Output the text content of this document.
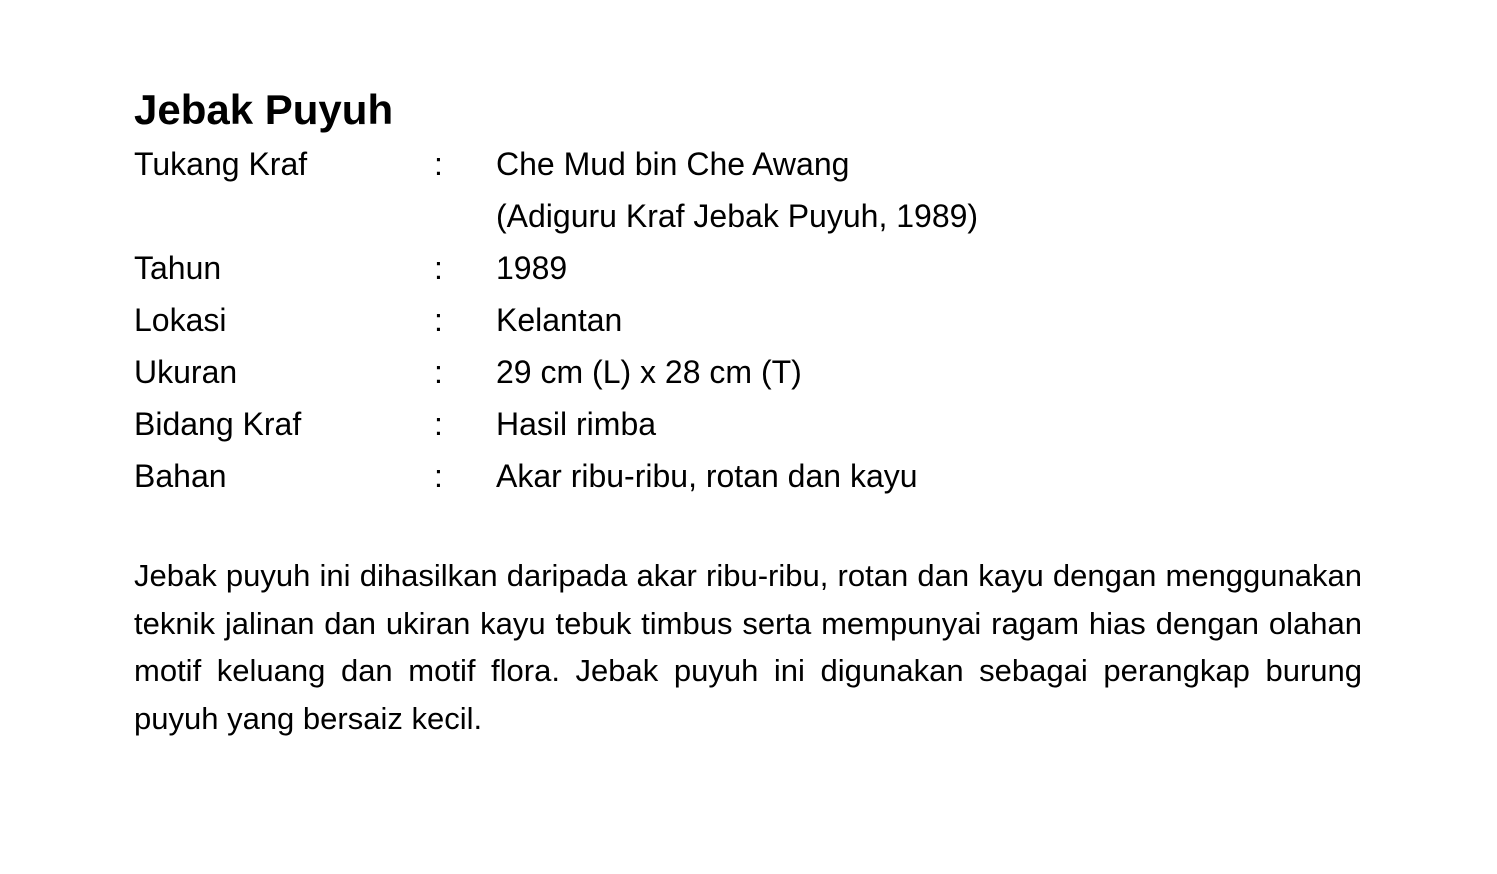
Jebak Puyuh
Tukang Kraf	:	Che Mud bin Che Awang
(Adiguru Kraf Jebak Puyuh, 1989)
Tahun	:	1989
Lokasi	:	Kelantan
Ukuran	:	29 cm (L) x 28 cm (T)
Bidang Kraf	:	Hasil rimba
Bahan	:	Akar ribu-ribu, rotan dan kayu

Jebak puyuh ini dihasilkan daripada akar ribu-ribu, rotan dan kayu dengan menggunakan teknik jalinan dan ukiran kayu tebuk timbus serta mempunyai ragam hias dengan olahan motif keluang dan motif flora. Jebak puyuh ini digunakan sebagai perangkap burung puyuh yang bersaiz kecil.
